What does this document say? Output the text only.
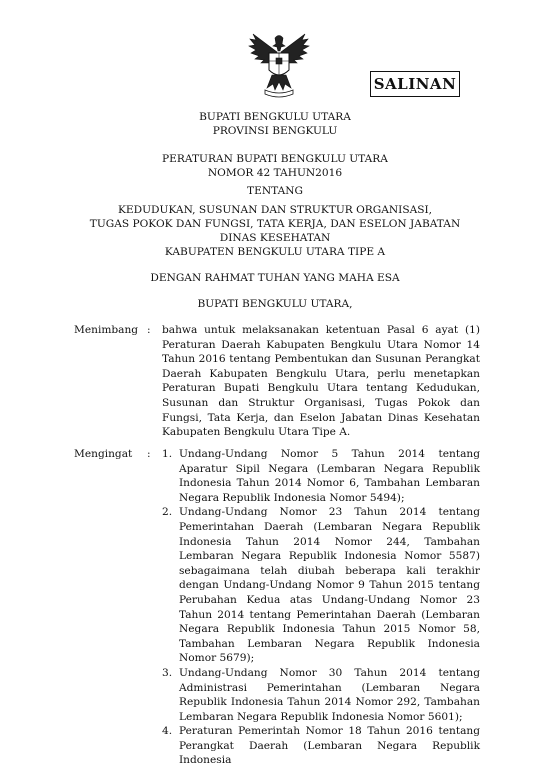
SALINAN
BUPATI BENGKULU UTARA
PROVINSI BENGKULU
PERATURAN BUPATI BENGKULU UTARA
NOMOR 42 TAHUN2016
TENTANG
KEDUDUKAN, SUSUNAN DAN STRUKTUR ORGANISASI,
TUGAS POKOK DAN FUNGSI, TATA KERJA, DAN ESELON JABATAN
DINAS KESEHATAN
KABUPATEN BENGKULU UTARA TIPE A
DENGAN RAHMAT TUHAN YANG MAHA ESA
BUPATI BENGKULU UTARA,
Menimbang : bahwa untuk melaksanakan ketentuan Pasal 6 ayat (1) Peraturan Daerah Kabupaten Bengkulu Utara Nomor 14 Tahun 2016 tentang Pembentukan dan Susunan Perangkat Daerah Kabupaten Bengkulu Utara, perlu menetapkan Peraturan Bupati Bengkulu Utara tentang Kedudukan, Susunan dan Struktur Organisasi, Tugas Pokok dan Fungsi, Tata Kerja, dan Eselon Jabatan Dinas Kesehatan Kabupaten Bengkulu Utara Tipe A.
Mengingat : 1. Undang-Undang Nomor 5 Tahun 2014 tentang Aparatur Sipil Negara (Lembaran Negara Republik Indonesia Tahun 2014 Nomor 6, Tambahan Lembaran Negara Republik Indonesia Nomor 5494);
2. Undang-Undang Nomor 23 Tahun 2014 tentang Pemerintahan Daerah (Lembaran Negara Republik Indonesia Tahun 2014 Nomor 244, Tambahan Lembaran Negara Republik Indonesia Nomor 5587) sebagaimana telah diubah beberapa kali terakhir dengan Undang-Undang Nomor 9 Tahun 2015 tentang Perubahan Kedua atas Undang-Undang Nomor 23 Tahun 2014 tentang Pemerintahan Daerah (Lembaran Negara Republik Indonesia Tahun 2015 Nomor 58, Tambahan Lembaran Negara Republik Indonesia Nomor 5679);
3. Undang-Undang Nomor 30 Tahun 2014 tentang Administrasi Pemerintahan (Lembaran Negara Republik Indonesia Tahun 2014 Nomor 292, Tambahan Lembaran Negara Republik Indonesia Nomor 5601);
4. Peraturan Pemerintah Nomor 18 Tahun 2016 tentang Perangkat Daerah (Lembaran Negara Republik Indonesia
